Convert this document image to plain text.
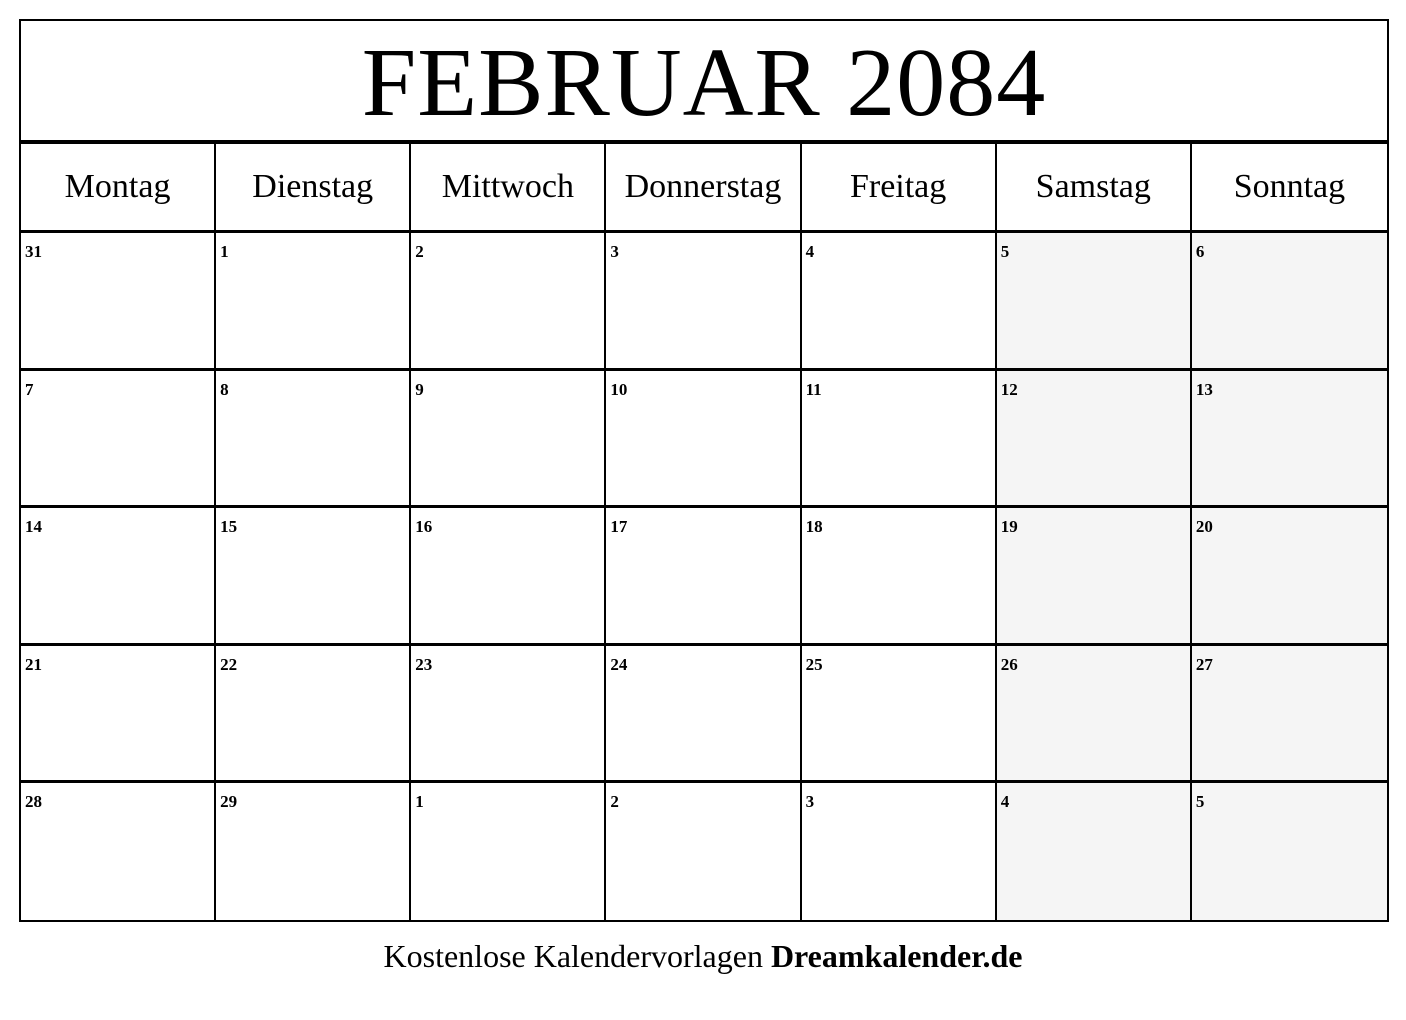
FEBRUAR 2084
Montag	Dienstag	Mittwoch	Donnerstag	Freitag	Samstag	Sonntag
31	1	2	3	4	5	6
7	8	9	10	11	12	13
14	15	16	17	18	19	20
21	22	23	24	25	26	27
28	29	1	2	3	4	5
Kostenlose Kalendervorlagen Dreamkalender.de
